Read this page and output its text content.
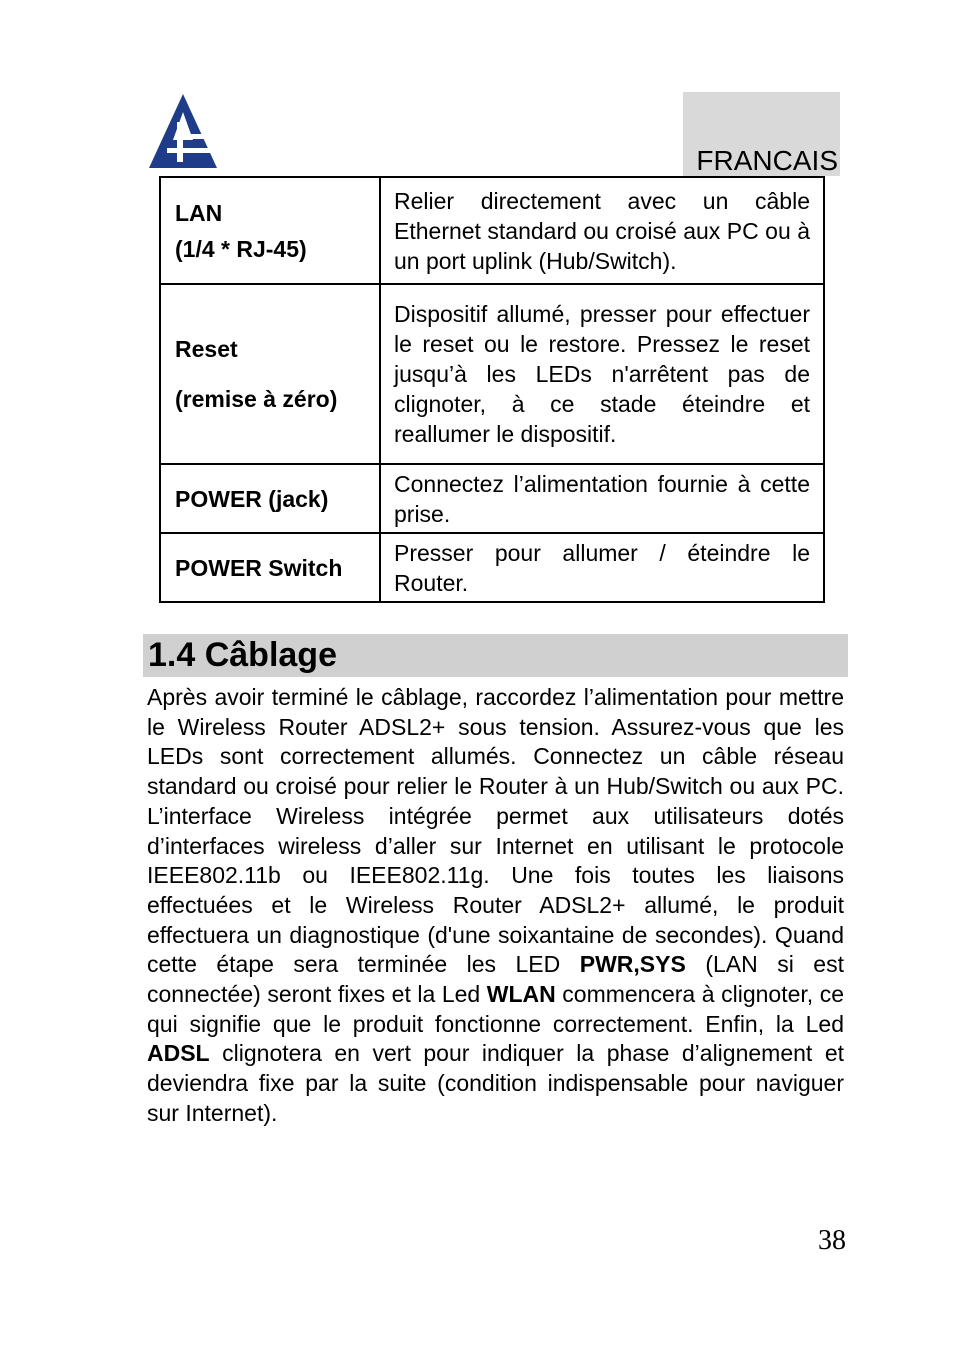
FRANCAIS
LAN
(1/4 * RJ-45)	Relier directement avec un câble Ethernet standard ou croisé aux PC ou à un port uplink (Hub/Switch).

Reset
(remise à zéro)	Dispositif allumé, presser pour effectuer le reset ou le restore. Pressez le reset jusqu’à les LEDs n'arrêtent pas de clignoter, à ce stade éteindre et reallumer le dispositif.

POWER (jack)	Connectez l’alimentation fournie à cette prise.

POWER Switch	Presser pour allumer / éteindre le Router.
1.4 Câblage

Après avoir terminé le câblage, raccordez l’alimentation pour mettre le Wireless Router ADSL2+ sous tension. Assurez-vous que les LEDs sont correctement allumés. Connectez un câble réseau standard ou croisé pour relier le Router à un Hub/Switch ou aux PC. L’interface Wireless intégrée permet aux utilisateurs dotés d’interfaces wireless d’aller sur Internet en utilisant le protocole IEEE802.11b ou IEEE802.11g. Une fois toutes les liaisons effectuées et le Wireless Router ADSL2+ allumé, le produit effectuera un diagnostique (d'une soixantaine de secondes). Quand cette étape sera terminée les LED PWR,SYS (LAN si est connectée) seront fixes et la Led WLAN commencera à clignoter, ce qui signifie que le produit fonctionne correctement. Enfin, la Led ADSL clignotera en vert pour indiquer la phase d’alignement et deviendra fixe par la suite (condition indispensable pour naviguer sur Internet).

38
